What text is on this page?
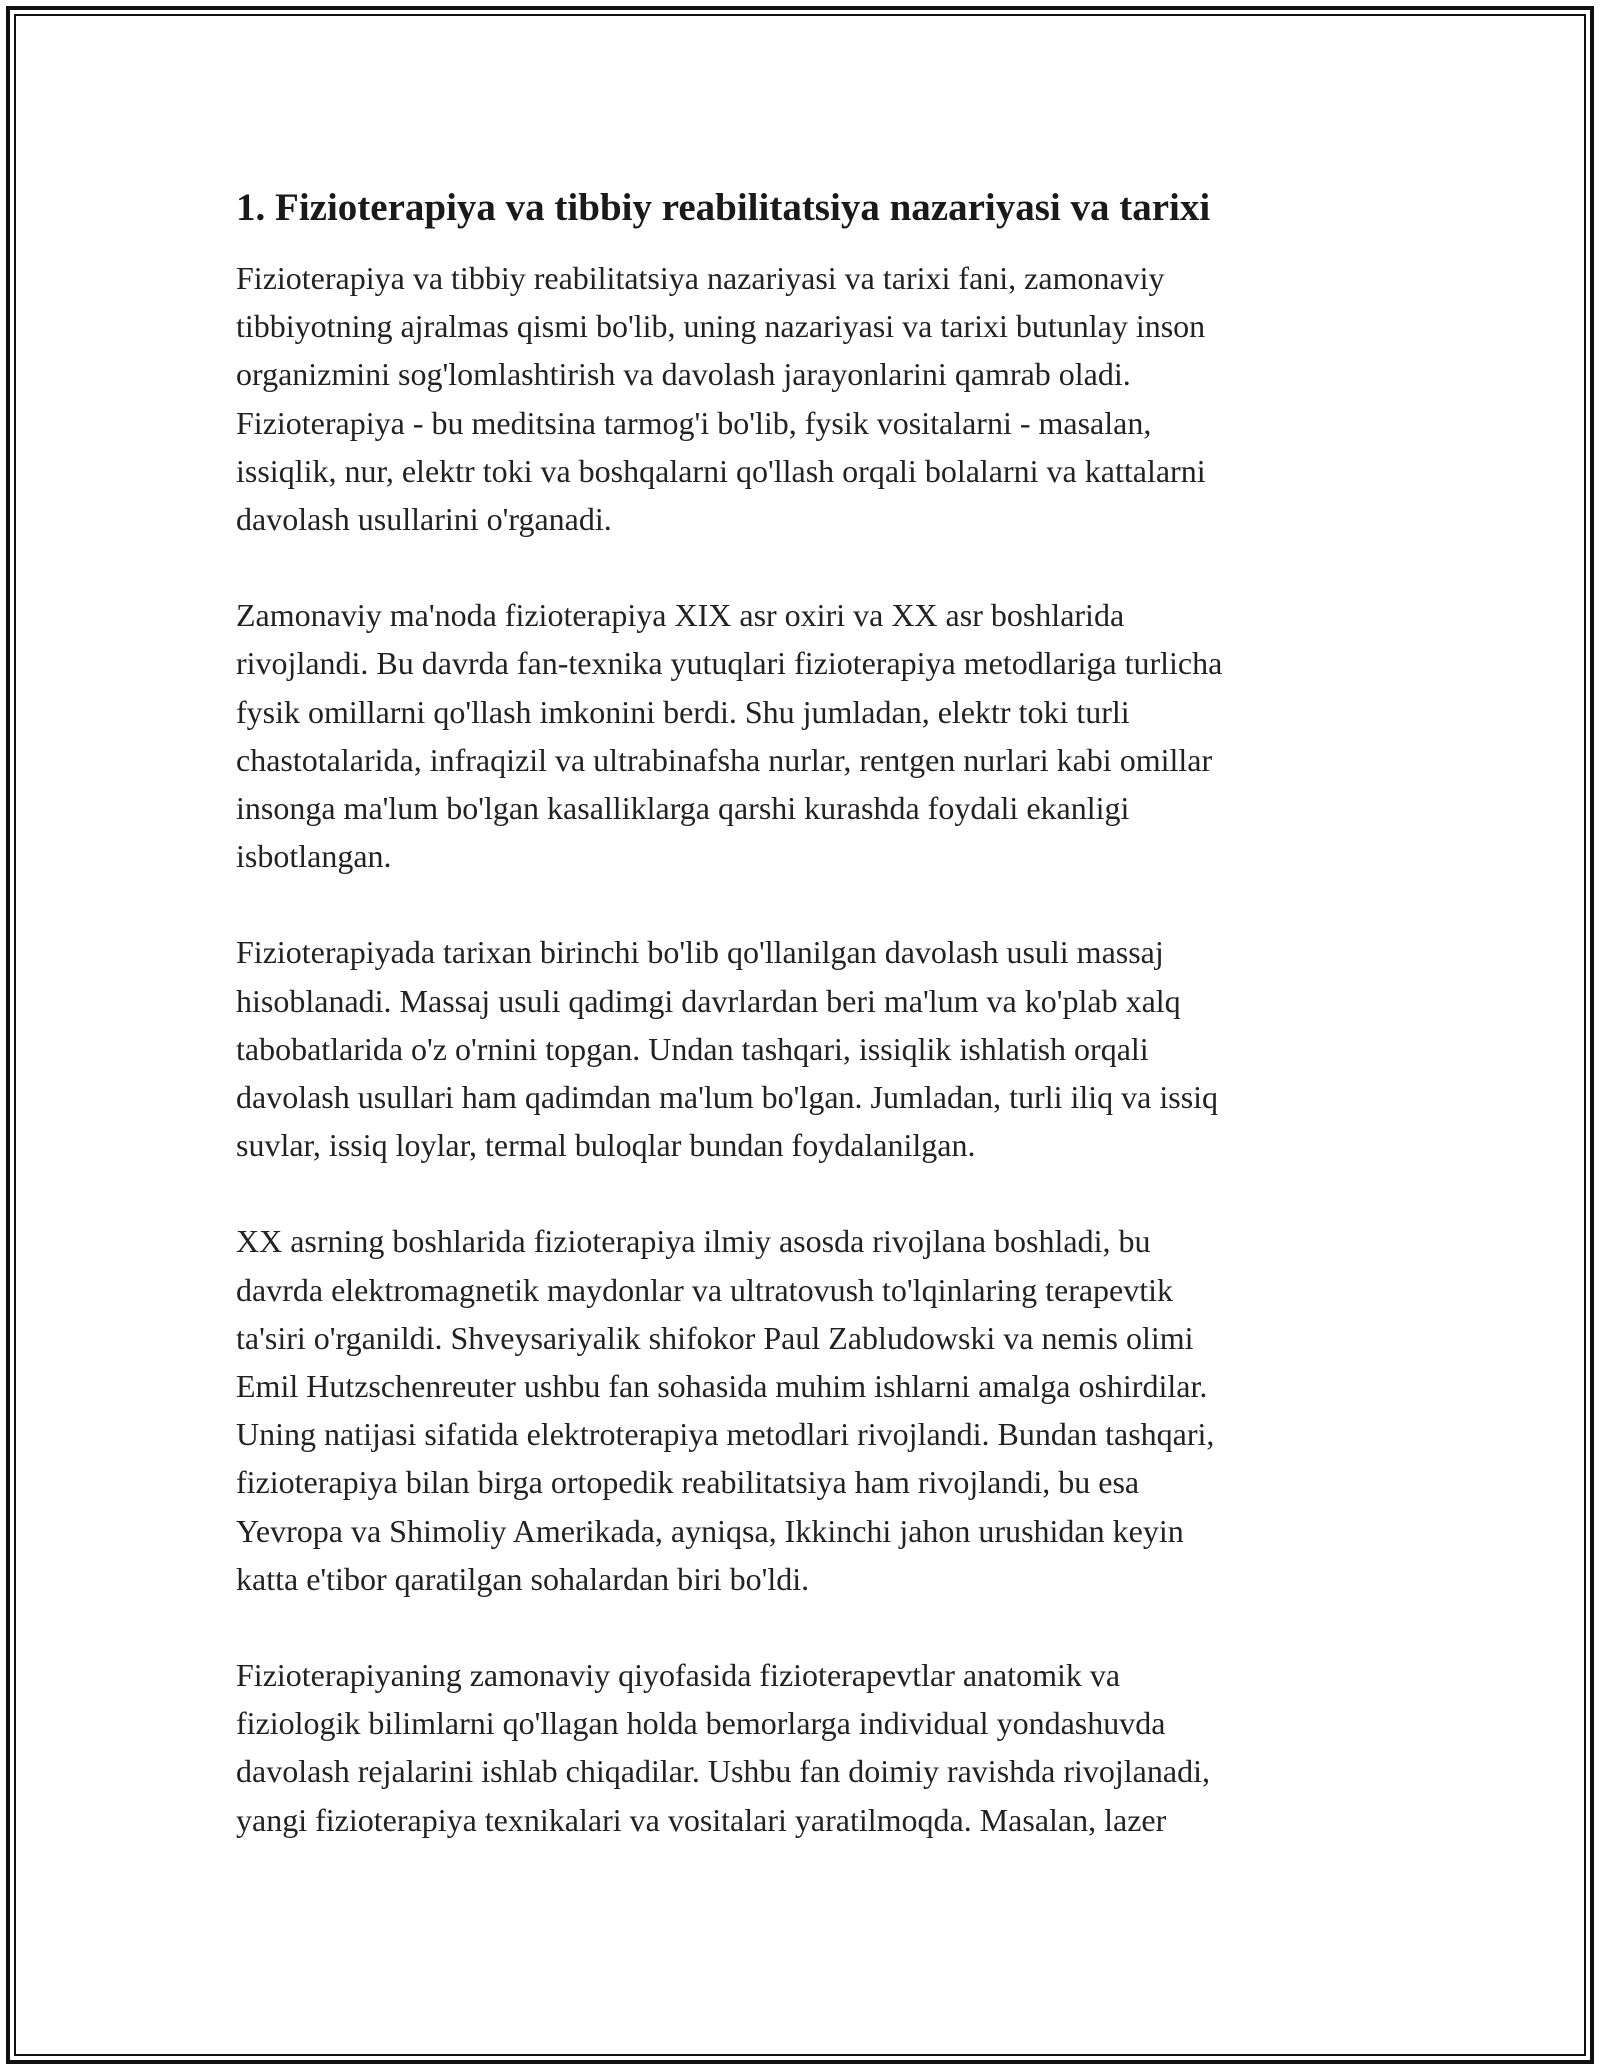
1. Fizioterapiya va tibbiy reabilitatsiya nazariyasi va tarixi

Fizioterapiya va tibbiy reabilitatsiya nazariyasi va tarixi fani, zamonaviy
tibbiyotning ajralmas qismi bo'lib, uning nazariyasi va tarixi butunlay inson
organizmini sog'lomlashtirish va davolash jarayonlarini qamrab oladi.
Fizioterapiya - bu meditsina tarmog'i bo'lib, fysik vositalarni - masalan,
issiqlik, nur, elektr toki va boshqalarni qo'llash orqali bolalarni va kattalarni
davolash usullarini o'rganadi.

Zamonaviy ma'noda fizioterapiya XIX asr oxiri va XX asr boshlarida
rivojlandi. Bu davrda fan-texnika yutuqlari fizioterapiya metodlariga turlicha
fysik omillarni qo'llash imkonini berdi. Shu jumladan, elektr toki turli
chastotalarida, infraqizil va ultrabinafsha nurlar, rentgen nurlari kabi omillar
insonga ma'lum bo'lgan kasalliklarga qarshi kurashda foydali ekanligi
isbotlangan.

Fizioterapiyada tarixan birinchi bo'lib qo'llanilgan davolash usuli massaj
hisoblanadi. Massaj usuli qadimgi davrlardan beri ma'lum va ko'plab xalq
tabobatlarida o'z o'rnini topgan. Undan tashqari, issiqlik ishlatish orqali
davolash usullari ham qadimdan ma'lum bo'lgan. Jumladan, turli iliq va issiq
suvlar, issiq loylar, termal buloqlar bundan foydalanilgan.

XX asrning boshlarida fizioterapiya ilmiy asosda rivojlana boshladi, bu
davrda elektromagnetik maydonlar va ultratovush to'lqinlaring terapevtik
ta'siri o'rganildi. Shveysariyalik shifokor Paul Zabludowski va nemis olimi
Emil Hutzschenreuter ushbu fan sohasida muhim ishlarni amalga oshirdilar.
Uning natijasi sifatida elektroterapiya metodlari rivojlandi. Bundan tashqari,
fizioterapiya bilan birga ortopedik reabilitatsiya ham rivojlandi, bu esa
Yevropa va Shimoliy Amerikada, ayniqsa, Ikkinchi jahon urushidan keyin
katta e'tibor qaratilgan sohalardan biri bo'ldi.

Fizioterapiyaning zamonaviy qiyofasida fizioterapevtlar anatomik va
fiziologik bilimlarni qo'llagan holda bemorlarga individual yondashuvda
davolash rejalarini ishlab chiqadilar. Ushbu fan doimiy ravishda rivojlanadi,
yangi fizioterapiya texnikalari va vositalari yaratilmoqda. Masalan, lazer
